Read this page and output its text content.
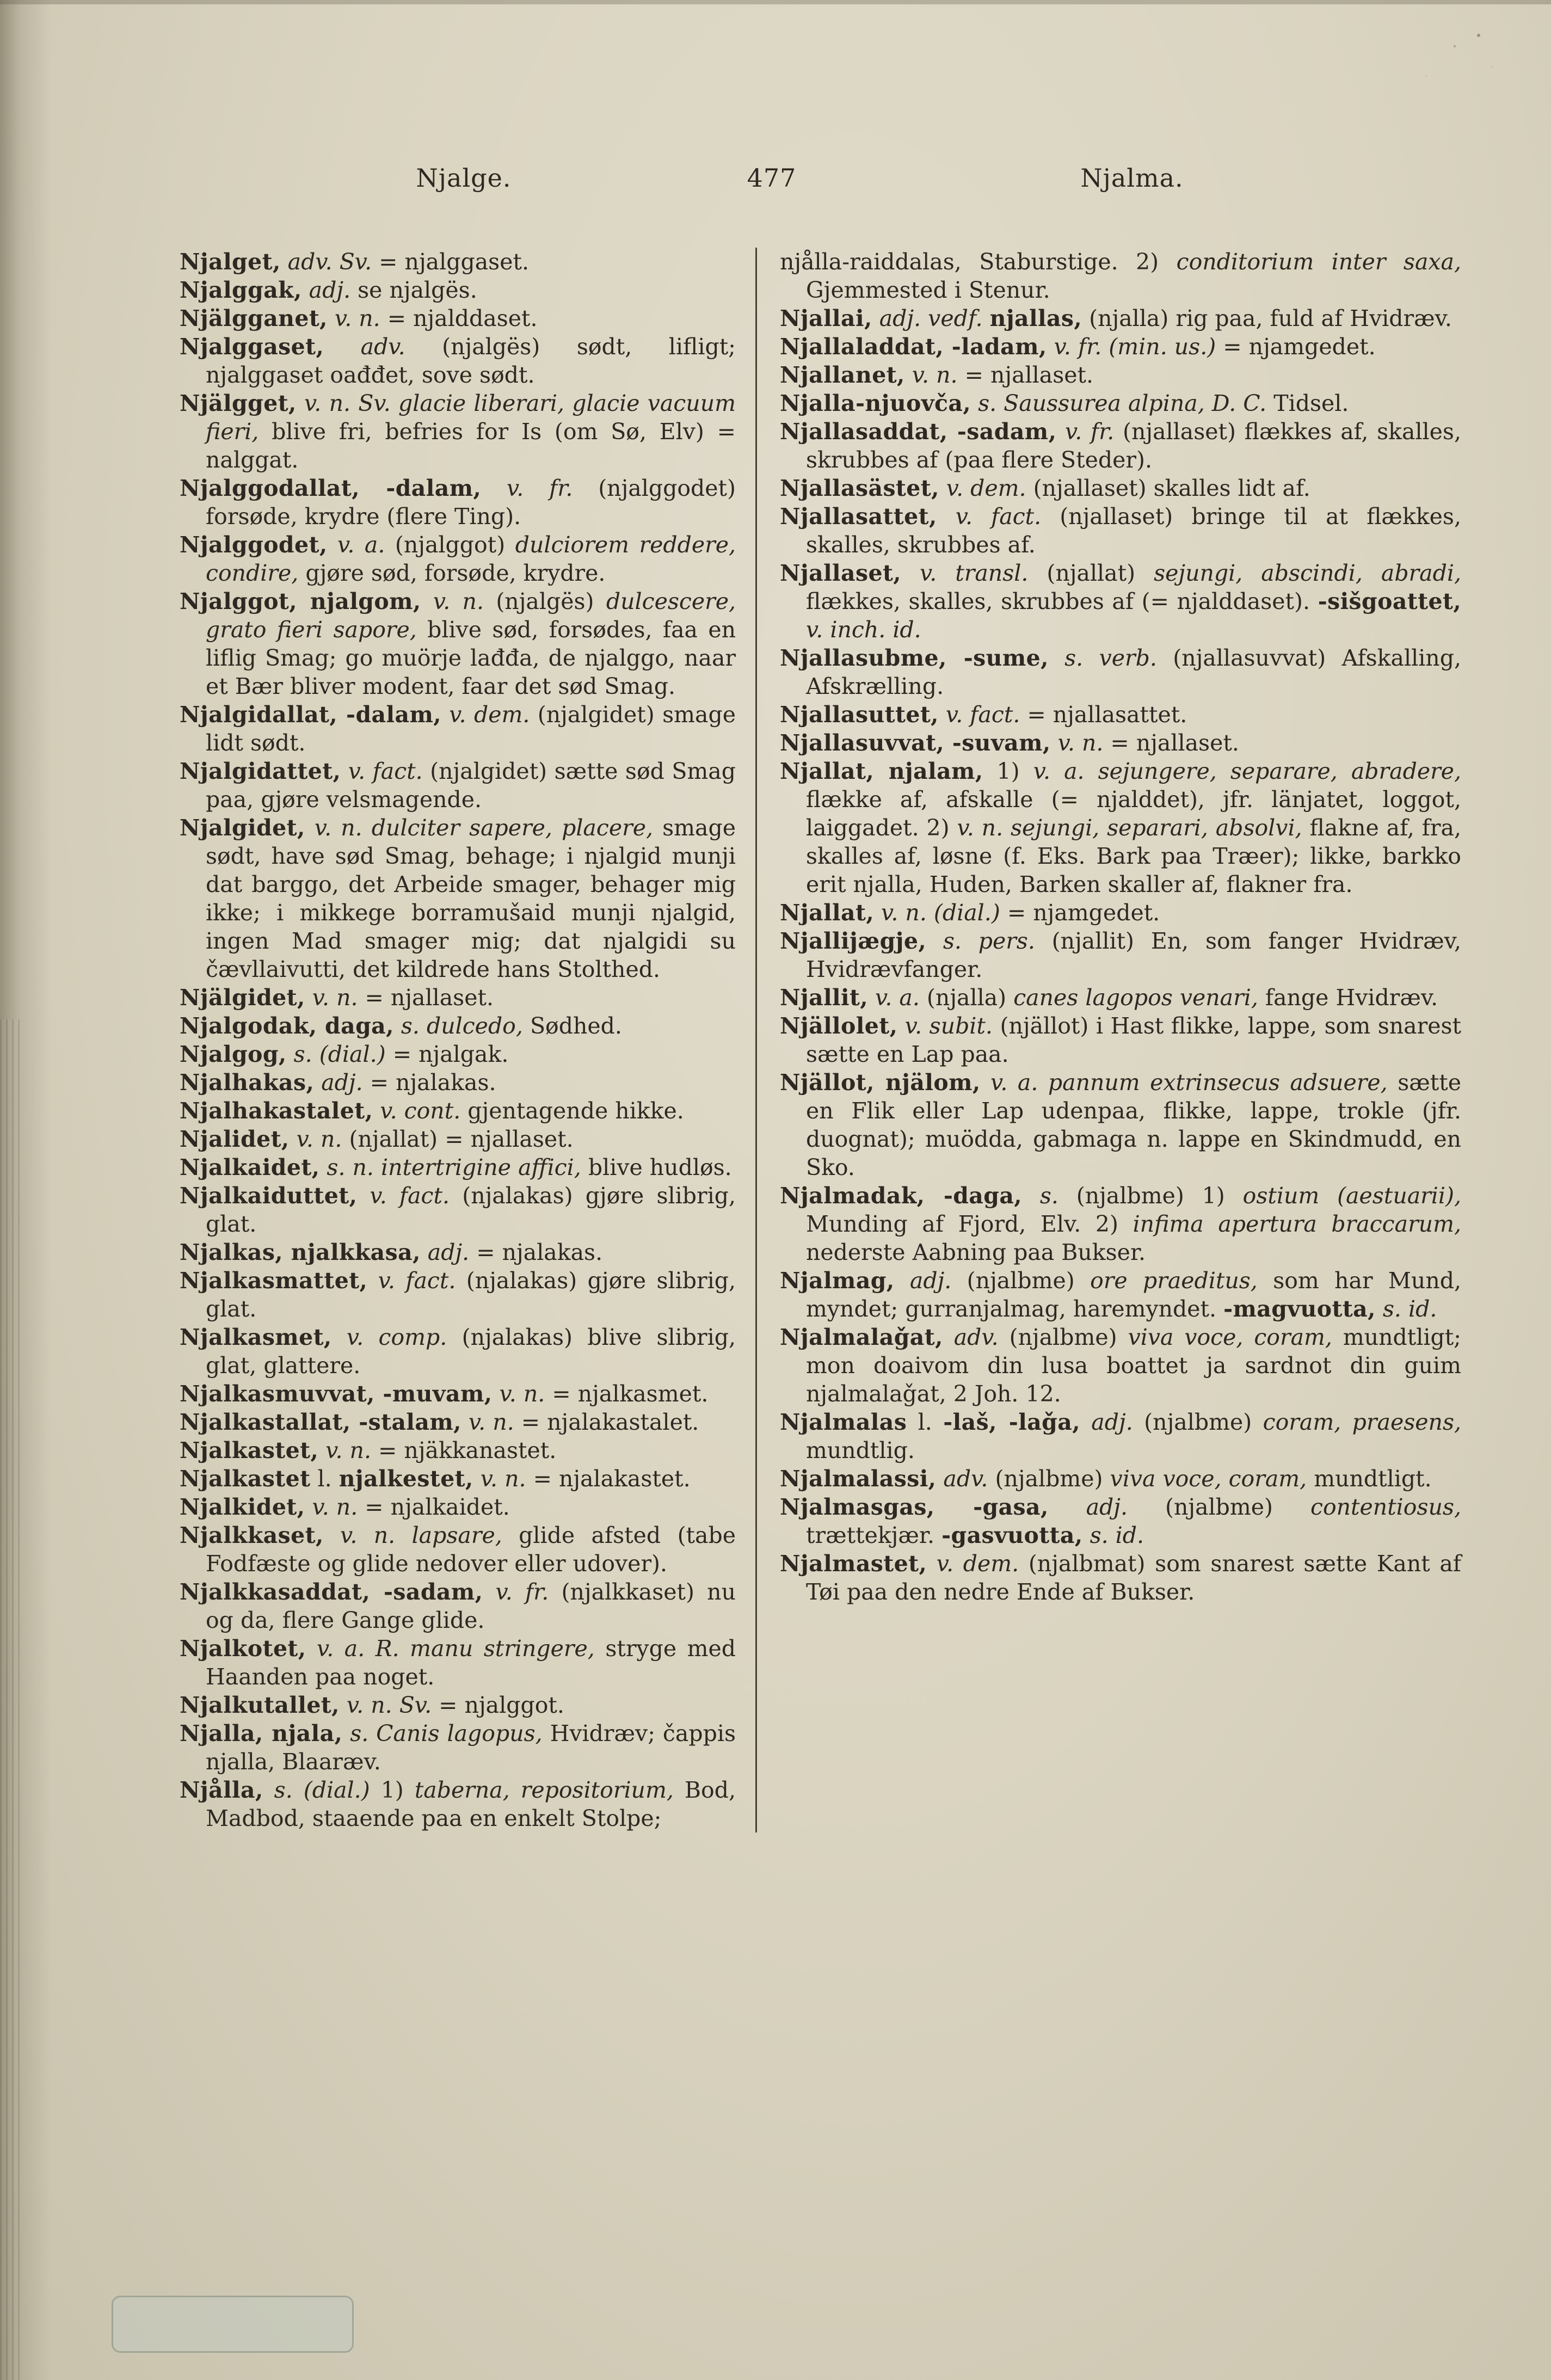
Njalge.	477	Njalma.

Njalget, adv. Sv. = njalggaset.

Njalggak, adj. se njalgës.

Njälgganet, v. n. = njalddaset.

Njalggaset, adv. (njalgës) sødt, lifligt; njalggaset oađđet, sove sødt.

Njälgget, v. n. Sv. glacie liberari, glacie vacuum fieri, blive fri, befries for Is (om Sø, Elv) = nalggat.

Njalggodallat, -dalam, v. fr. (njalggodet) forsøde, krydre (flere Ting).

Njalggodet, v. a. (njalggot) dulciorem reddere, condire, gjøre sød, forsøde, krydre.

Njalggot, njalgom, v. n. (njalgës) dulcescere, grato fieri sapore, blive sød, forsødes, faa en liflig Smag; go muörje lađđa, de njalggo, naar et Bær bliver modent, faar det sød Smag.

Njalgidallat, -dalam, v. dem. (njalgidet) smage lidt sødt.

Njalgidattet, v. fact. (njalgidet) sætte sød Smag paa, gjøre velsmagende.

Njalgidet, v. n. dulciter sapere, placere, smage sødt, have sød Smag, behage; i njalgid munji dat barggo, det Arbeide smager, behager mig ikke; i mikkege borramušaid munji njalgid, ingen Mad smager mig; dat njalgidi su čævllaivutti, det kildrede hans Stolthed.

Njälgidet, v. n. = njallaset.

Njalgodak, daga, s. dulcedo, Sødhed.

Njalgog, s. (dial.) = njalgak.

Njalhakas, adj. = njalakas.

Njalhakastalet, v. cont. gjentagende hikke.

Njalidet, v. n. (njallat) = njallaset.

Njalkaidet, s. n. intertrigine affici, blive hudløs.

Njalkaiduttet, v. fact. (njalakas) gjøre slibrig, glat.

Njalkas, njalkkasa, adj. = njalakas.

Njalkasmattet, v. fact. (njalakas) gjøre slibrig, glat.

Njalkasmet, v. comp. (njalakas) blive slibrig, glat, glattere.

Njalkasmuvvat, -muvam, v. n. = njalkasmet.

Njalkastallat, -stalam, v. n. = njalakastalet.

Njalkastet, v. n. = njäkkanastet.

Njalkastet l. njalkestet, v. n. = njalakastet.

Njalkidet, v. n. = njalkaidet.

Njalkkaset, v. n. lapsare, glide afsted (tabe Fodfæste og glide nedover eller udover).

Njalkkasaddat, -sadam, v. fr. (njalkkaset) nu og da, flere Gange glide.

Njalkotet, v. a. R. manu stringere, stryge med Haanden paa noget.

Njalkutallet, v. n. Sv. = njalggot.

Njalla, njala, s. Canis lagopus, Hvidræv; čappis njalla, Blaaræv.

Njålla, s. (dial.) 1) taberna, repositorium, Bod, Madbod, staaende paa en enkelt Stolpe;

njålla-raiddalas, Staburstige. 2) conditorium inter saxa, Gjemmested i Stenur.

Njallai, adj. vedf. njallas, (njalla) rig paa, fuld af Hvidræv.

Njallaladdat, -ladam, v. fr. (min. us.) = njamgedet.

Njallanet, v. n. = njallaset.

Njalla-njuovča, s. Saussurea alpina, D. C. Tidsel.

Njallasaddat, -sadam, v. fr. (njallaset) flækkes af, skalles, skrubbes af (paa flere Steder).

Njallasästet, v. dem. (njallaset) skalles lidt af.

Njallasattet, v. fact. (njallaset) bringe til at flækkes, skalles, skrubbes af.

Njallaset, v. transl. (njallat) sejungi, abscindi, abradi, flækkes, skalles, skrubbes af (= njalddaset). -sišgoattet, v. inch. id.

Njallasubme, -sume, s. verb. (njallasuvvat) Afskalling, Afskrælling.

Njallasuttet, v. fact. = njallasattet.

Njallasuvvat, -suvam, v. n. = njallaset.

Njallat, njalam, 1) v. a. sejungere, separare, abradere, flække af, afskalle (= njalddet), jfr. länjatet, loggot, laiggadet. 2) v. n. sejungi, separari, absolvi, flakne af, fra, skalles af, løsne (f. Eks. Bark paa Træer); likke, barkko erit njalla, Huden, Barken skaller af, flakner fra.

Njallat, v. n. (dial.) = njamgedet.

Njallijægje, s. pers. (njallit) En, som fanger Hvidræv, Hvidrævfanger.

Njallit, v. a. (njalla) canes lagopos venari, fange Hvidræv.

Njällolet, v. subit. (njällot) i Hast flikke, lappe, som snarest sætte en Lap paa.

Njällot, njälom, v. a. pannum extrinsecus adsuere, sætte en Flik eller Lap udenpaa, flikke, lappe, trokle (jfr. duognat); muödda, gabmaga n. lappe en Skindmudd, en Sko.

Njalmadak, -daga, s. (njalbme) 1) ostium (aestuarii), Munding af Fjord, Elv. 2) infima apertura braccarum, nederste Aabning paa Bukser.

Njalmag, adj. (njalbme) ore praeditus, som har Mund, myndet; gurranjalmag, haremyndet. -magvuotta, s. id.

Njalmalaǧat, adv. (njalbme) viva voce, coram, mundtligt; mon doaivom din lusa boattet ja sardnot din guim njalmalaǧat, 2 Joh. 12.

Njalmalas l. -laš, -laǧa, adj. (njalbme) coram, praesens, mundtlig.

Njalmalassi, adv. (njalbme) viva voce, coram, mundtligt.

Njalmasgas, -gasa, adj. (njalbme) contentiosus, trættekjær. -gasvuotta, s. id.

Njalmastet, v. dem. (njalbmat) som snarest sætte Kant af Tøi paa den nedre Ende af Bukser.
